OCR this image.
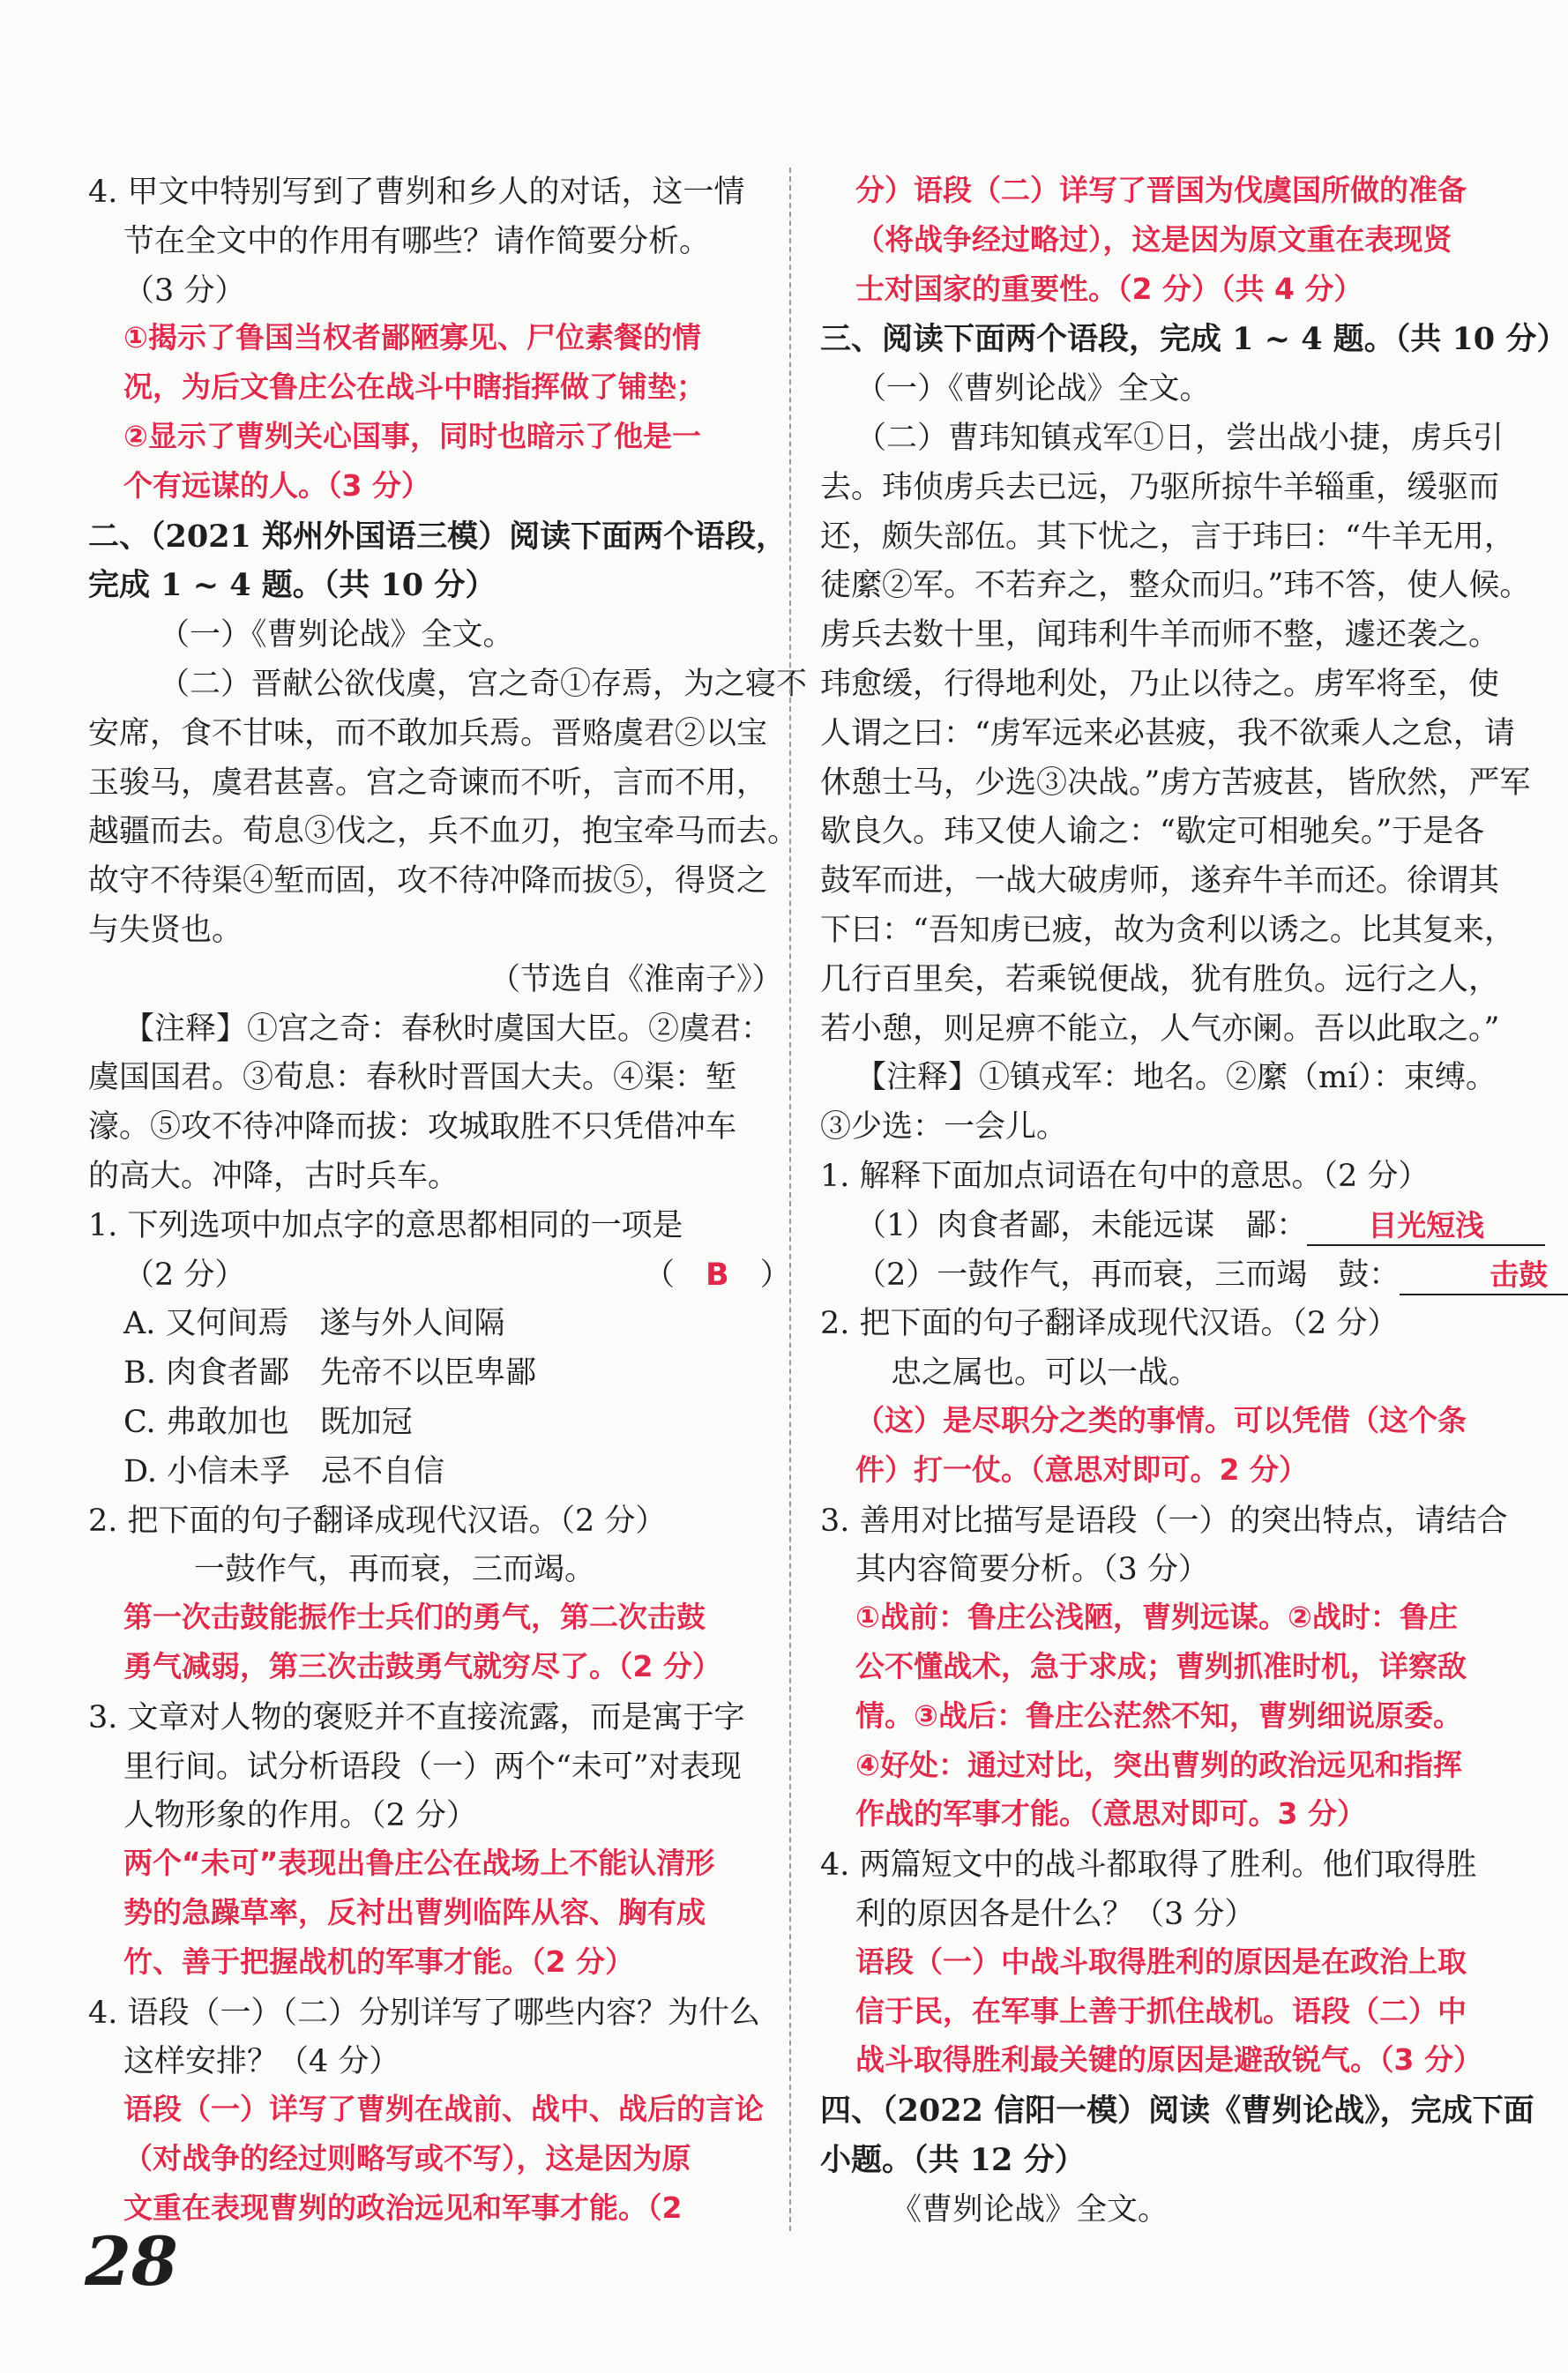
4. 甲文中特别写到了曹刿和乡人的对话，这一情
节在全文中的作用有哪些？请作简要分析。
（3 分）
①揭示了鲁国当权者鄙陋寡见、尸位素餐的情
况，为后文鲁庄公在战斗中瞎指挥做了铺垫；
②显示了曹刿关心国事，同时也暗示了他是一
个有远谋的人。（3 分）
二、（2021 郑州外国语三模）阅读下面两个语段，
完成 1 ~ 4 题。（共 10 分）
（一）《曹刿论战》全文。
（二）晋献公欲伐虞，宫之奇①存焉，为之寝不
安席，食不甘味，而不敢加兵焉。晋赂虞君②以宝
玉骏马，虞君甚喜。宫之奇谏而不听，言而不用，
越疆而去。荀息③伐之，兵不血刃，抱宝牵马而去。
故守不待渠④堑而固，攻不待冲降而拔⑤，得贤之
与失贤也。
（节选自《淮南子》）
【注释】①宫之奇：春秋时虞国大臣。②虞君：
虞国国君。③荀息：春秋时晋国大夫。④渠：堑
濠。⑤攻不待冲降而拔：攻城取胜不只凭借冲车
的高大。冲降，古时兵车。
1. 下列选项中加点字的意思都相同的一项是
（2 分）
A. 又何间焉　遂与外人间隔
B. 肉食者鄙　先帝不以臣卑鄙
C. 弗敢加也　既加冠
D. 小信未孚　忌不自信
2. 把下面的句子翻译成现代汉语。（2 分）
一鼓作气，再而衰，三而竭。
第一次击鼓能振作士兵们的勇气，第二次击鼓
勇气减弱，第三次击鼓勇气就穷尽了。（2 分）
3. 文章对人物的褒贬并不直接流露，而是寓于字
里行间。试分析语段（一）两个“未可”对表现
人物形象的作用。（2 分）
两个“未可”表现出鲁庄公在战场上不能认清形
势的急躁草率，反衬出曹刿临阵从容、胸有成
竹、善于把握战机的军事才能。（2 分）
4. 语段（一）（二）分别详写了哪些内容？为什么
这样安排？（4 分）
语段（一）详写了曹刿在战前、战中、战后的言论
（对战争的经过则略写或不写），这是因为原
文重在表现曹刿的政治远见和军事才能。（2
（　B　）
分）语段（二）详写了晋国为伐虞国所做的准备
（将战争经过略过），这是因为原文重在表现贤
士对国家的重要性。（2 分）（共 4 分）
三、阅读下面两个语段，完成 1 ~ 4 题。（共 10 分）
（一）《曹刿论战》全文。
（二）曹玮知镇戎军①日，尝出战小捷，虏兵引
去。玮侦虏兵去已远，乃驱所掠牛羊辎重，缓驱而
还，颇失部伍。其下忧之，言于玮曰：“牛羊无用，
徒縻②军。不若弃之，整众而归。”玮不答，使人候。
虏兵去数十里，闻玮利牛羊而师不整，遽还袭之。
玮愈缓，行得地利处，乃止以待之。虏军将至，使
人谓之曰：“虏军远来必甚疲，我不欲乘人之怠，请
休憩士马，少选③决战。”虏方苦疲甚，皆欣然，严军
歇良久。玮又使人谕之：“歇定可相驰矣。”于是各
鼓军而进，一战大破虏师，遂弃牛羊而还。徐谓其
下曰：“吾知虏已疲，故为贪利以诱之。比其复来，
几行百里矣，若乘锐便战，犹有胜负。远行之人，
若小憩，则足痹不能立，人气亦阑。吾以此取之。”
【注释】①镇戎军：地名。②縻（mí）：束缚。
③少选：一会儿。
1. 解释下面加点词语在句中的意思。（2 分）
（1）肉食者鄙，未能远谋　鄙： 目光短浅
（2）一鼓作气，再而衰，三而竭　鼓：	击鼓
2. 把下面的句子翻译成现代汉语。（2 分）
忠之属也。可以一战。
（这）是尽职分之类的事情。可以凭借（这个条
件）打一仗。（意思对即可。2 分）
3. 善用对比描写是语段（一）的突出特点，请结合
其内容简要分析。（3 分）
①战前：鲁庄公浅陋，曹刿远谋。②战时：鲁庄
公不懂战术，急于求成；曹刿抓准时机，详察敌
情。③战后：鲁庄公茫然不知，曹刿细说原委。
④好处：通过对比，突出曹刿的政治远见和指挥
作战的军事才能。（意思对即可。3 分）
4. 两篇短文中的战斗都取得了胜利。他们取得胜
利的原因各是什么？（3 分）
语段（一）中战斗取得胜利的原因是在政治上取
信于民，在军事上善于抓住战机。语段（二）中
战斗取得胜利最关键的原因是避敌锐气。（3 分）
四、（2022 信阳一模）阅读《曹刿论战》，完成下面
小题。（共 12 分）
《曹刿论战》全文。
28
